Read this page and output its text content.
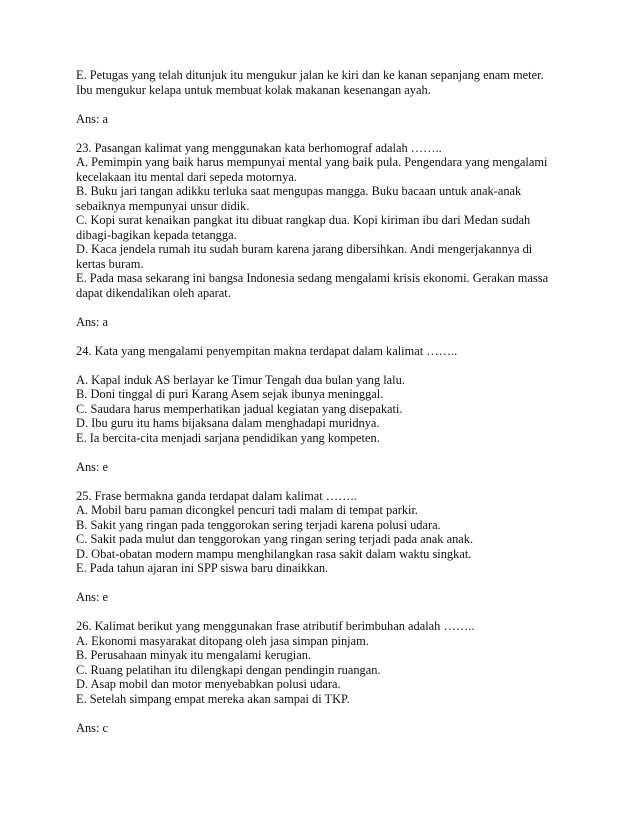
E. Petugas yang telah ditunjuk itu mengukur jalan ke kiri dan ke kanan sepanjang enam meter.
Ibu mengukur kelapa untuk membuat kolak makanan kesenangan ayah.
Ans: a
23. Pasangan kalimat yang menggunakan kata berhomograf adalah ……..
A. Pemimpin yang baik harus mempunyai mental yang baik pula. Pengendara yang mengalami
kecelakaan itu mental dari sepeda motornya.
B. Buku jari tangan adikku terluka saat mengupas mangga. Buku bacaan untuk anak-anak
sebaiknya mempunyai unsur didik.
C. Kopi surat kenaikan pangkat itu dibuat rangkap dua. Kopi kiriman ibu dari Medan sudah
dibagi-bagikan kepada tetangga.
D. Kaca jendela rumah itu sudah buram karena jarang dibersihkan. Andi mengerjakannya di
kertas buram.
E. Pada masa sekarang ini bangsa Indonesia sedang mengalami krisis ekonomi. Gerakan massa
dapat dikendalikan oleh aparat.
Ans: a
24. Kata yang mengalami penyempitan makna terdapat dalam kalimat ……..
A. Kapal induk AS berlayar ke Timur Tengah dua bulan yang lalu.
B. Doni tinggal di puri Karang Asem sejak ibunya meninggal.
C. Saudara harus memperhatikan jadual kegiatan yang disepakati.
D. Ibu guru itu hams bijaksana dalam menghadapi muridnya.
E. Ia bercita-cita menjadi sarjana pendidikan yang kompeten.
Ans: e
25. Frase bermakna ganda terdapat dalam kalimat ……..
A. Mobil baru paman dicongkel pencuri tadi malam di tempat parkir.
B. Sakit yang ringan pada tenggorokan sering terjadi karena polusi udara.
C. Sakit pada mulut dan tenggorokan yang ringan sering terjadi pada anak anak.
D. Obat-obatan modern mampu menghilangkan rasa sakit dalam waktu singkat.
E. Pada tahun ajaran ini SPP siswa baru dinaikkan.
Ans: e
26. Kalimat berikut yang menggunakan frase atributif berimbuhan adalah ……..
A. Ekonomi masyarakat ditopang oleh jasa simpan pinjam.
B. Perusahaan minyak itu mengalami kerugian.
C. Ruang pelatihan itu dilengkapi dengan pendingin ruangan.
D. Asap mobil dan motor menyebabkan polusi udara.
E. Setelah simpang empat mereka akan sampai di TKP.
Ans: c
